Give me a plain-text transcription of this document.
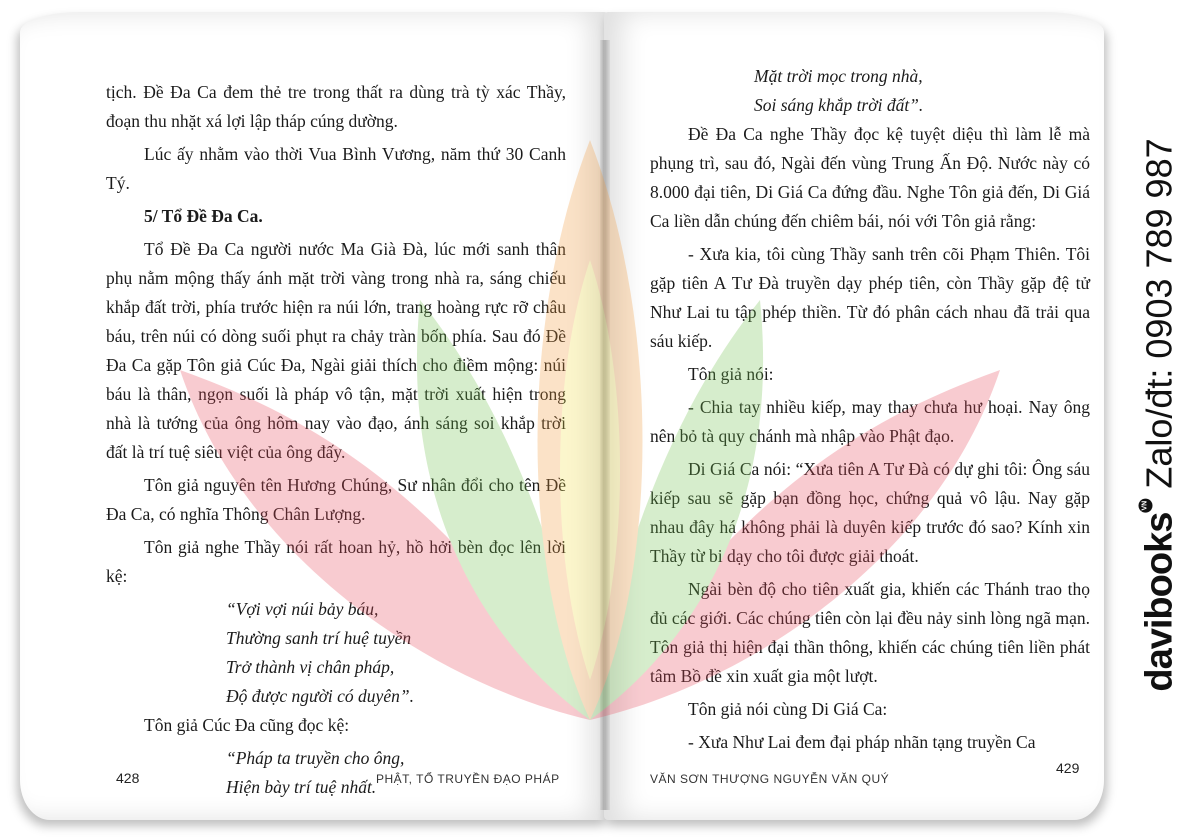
tịch. Đề Đa Ca đem thẻ tre trong thất ra dùng trà tỳ xác Thầy, đoạn thu nhặt xá lợi lập tháp cúng dường.

Lúc ấy nhằm vào thời Vua Bình Vương, năm thứ 30 Canh Tý.

5/ Tổ Đề Đa Ca.

Tổ Đề Đa Ca người nước Ma Già Đà, lúc mới sanh thân phụ nằm mộng thấy ánh mặt trời vàng trong nhà ra, sáng chiếu khắp đất trời, phía trước hiện ra núi lớn, trang hoàng rực rỡ châu báu, trên núi có dòng suối phụt ra chảy tràn bốn phía. Sau đó Đề Đa Ca gặp Tôn giả Cúc Đa, Ngài giải thích cho điềm mộng: núi báu là thân, ngọn suối là pháp vô tận, mặt trời xuất hiện trong nhà là tướng của ông hôm nay vào đạo, ánh sáng soi khắp trời đất là trí tuệ siêu việt của ông đấy.

Tôn giả nguyên tên Hương Chúng, Sư nhân đổi cho tên Đề Đa Ca, có nghĩa Thông Chân Lượng.

Tôn giả nghe Thầy nói rất hoan hỷ, hồ hởi bèn đọc lên lời kệ:

“Vợi vợi núi bảy báu,
Thường sanh trí huệ tuyền
Trở thành vị chân pháp,
Độ được người có duyên”.

Tôn giả Cúc Đa cũng đọc kệ:

“Pháp ta truyền cho ông,
Hiện bày trí tuệ nhất.
428	PHẬT, TỔ TRUYỀN ĐẠO PHÁP
Mặt trời mọc trong nhà,
Soi sáng khắp trời đất”.

Đề Đa Ca nghe Thầy đọc kệ tuyệt diệu thì làm lễ mà phụng trì, sau đó, Ngài đến vùng Trung Ấn Độ. Nước này có 8.000 đại tiên, Di Giá Ca đứng đầu. Nghe Tôn giả đến, Di Giá Ca liền dẫn chúng đến chiêm bái, nói với Tôn giả rằng:

- Xưa kia, tôi cùng Thầy sanh trên cõi Phạm Thiên. Tôi gặp tiên A Tư Đà truyền dạy phép tiên, còn Thầy gặp đệ tử Như Lai tu tập phép thiền. Từ đó phân cách nhau đã trải qua sáu kiếp.

Tôn giả nói:

- Chia tay nhiều kiếp, may thay chưa hư hoại. Nay ông nên bỏ tà quy chánh mà nhập vào Phật đạo.

Di Giá Ca nói: “Xưa tiên A Tư Đà có dự ghi tôi: Ông sáu kiếp sau sẽ gặp bạn đồng học, chứng quả vô lậu. Nay gặp nhau đây há không phải là duyên kiếp trước đó sao? Kính xin Thầy từ bi dạy cho tôi được giải thoát.

Ngài bèn độ cho tiên xuất gia, khiến các Thánh trao thọ đủ các giới. Các chúng tiên còn lại đều nảy sinh lòng ngã mạn. Tôn giả thị hiện đại thần thông, khiến các chúng tiên liền phát tâm Bồ đề xin xuất gia một lượt.

Tôn giả nói cùng Di Giá Ca:

- Xưa Như Lai đem đại pháp nhãn tạng truyền Ca

VĂN SƠN THƯỢNG NGUYỄN VĂN QUÝ
429
davibooksVN
Zalo/đt: 0903 789 987
